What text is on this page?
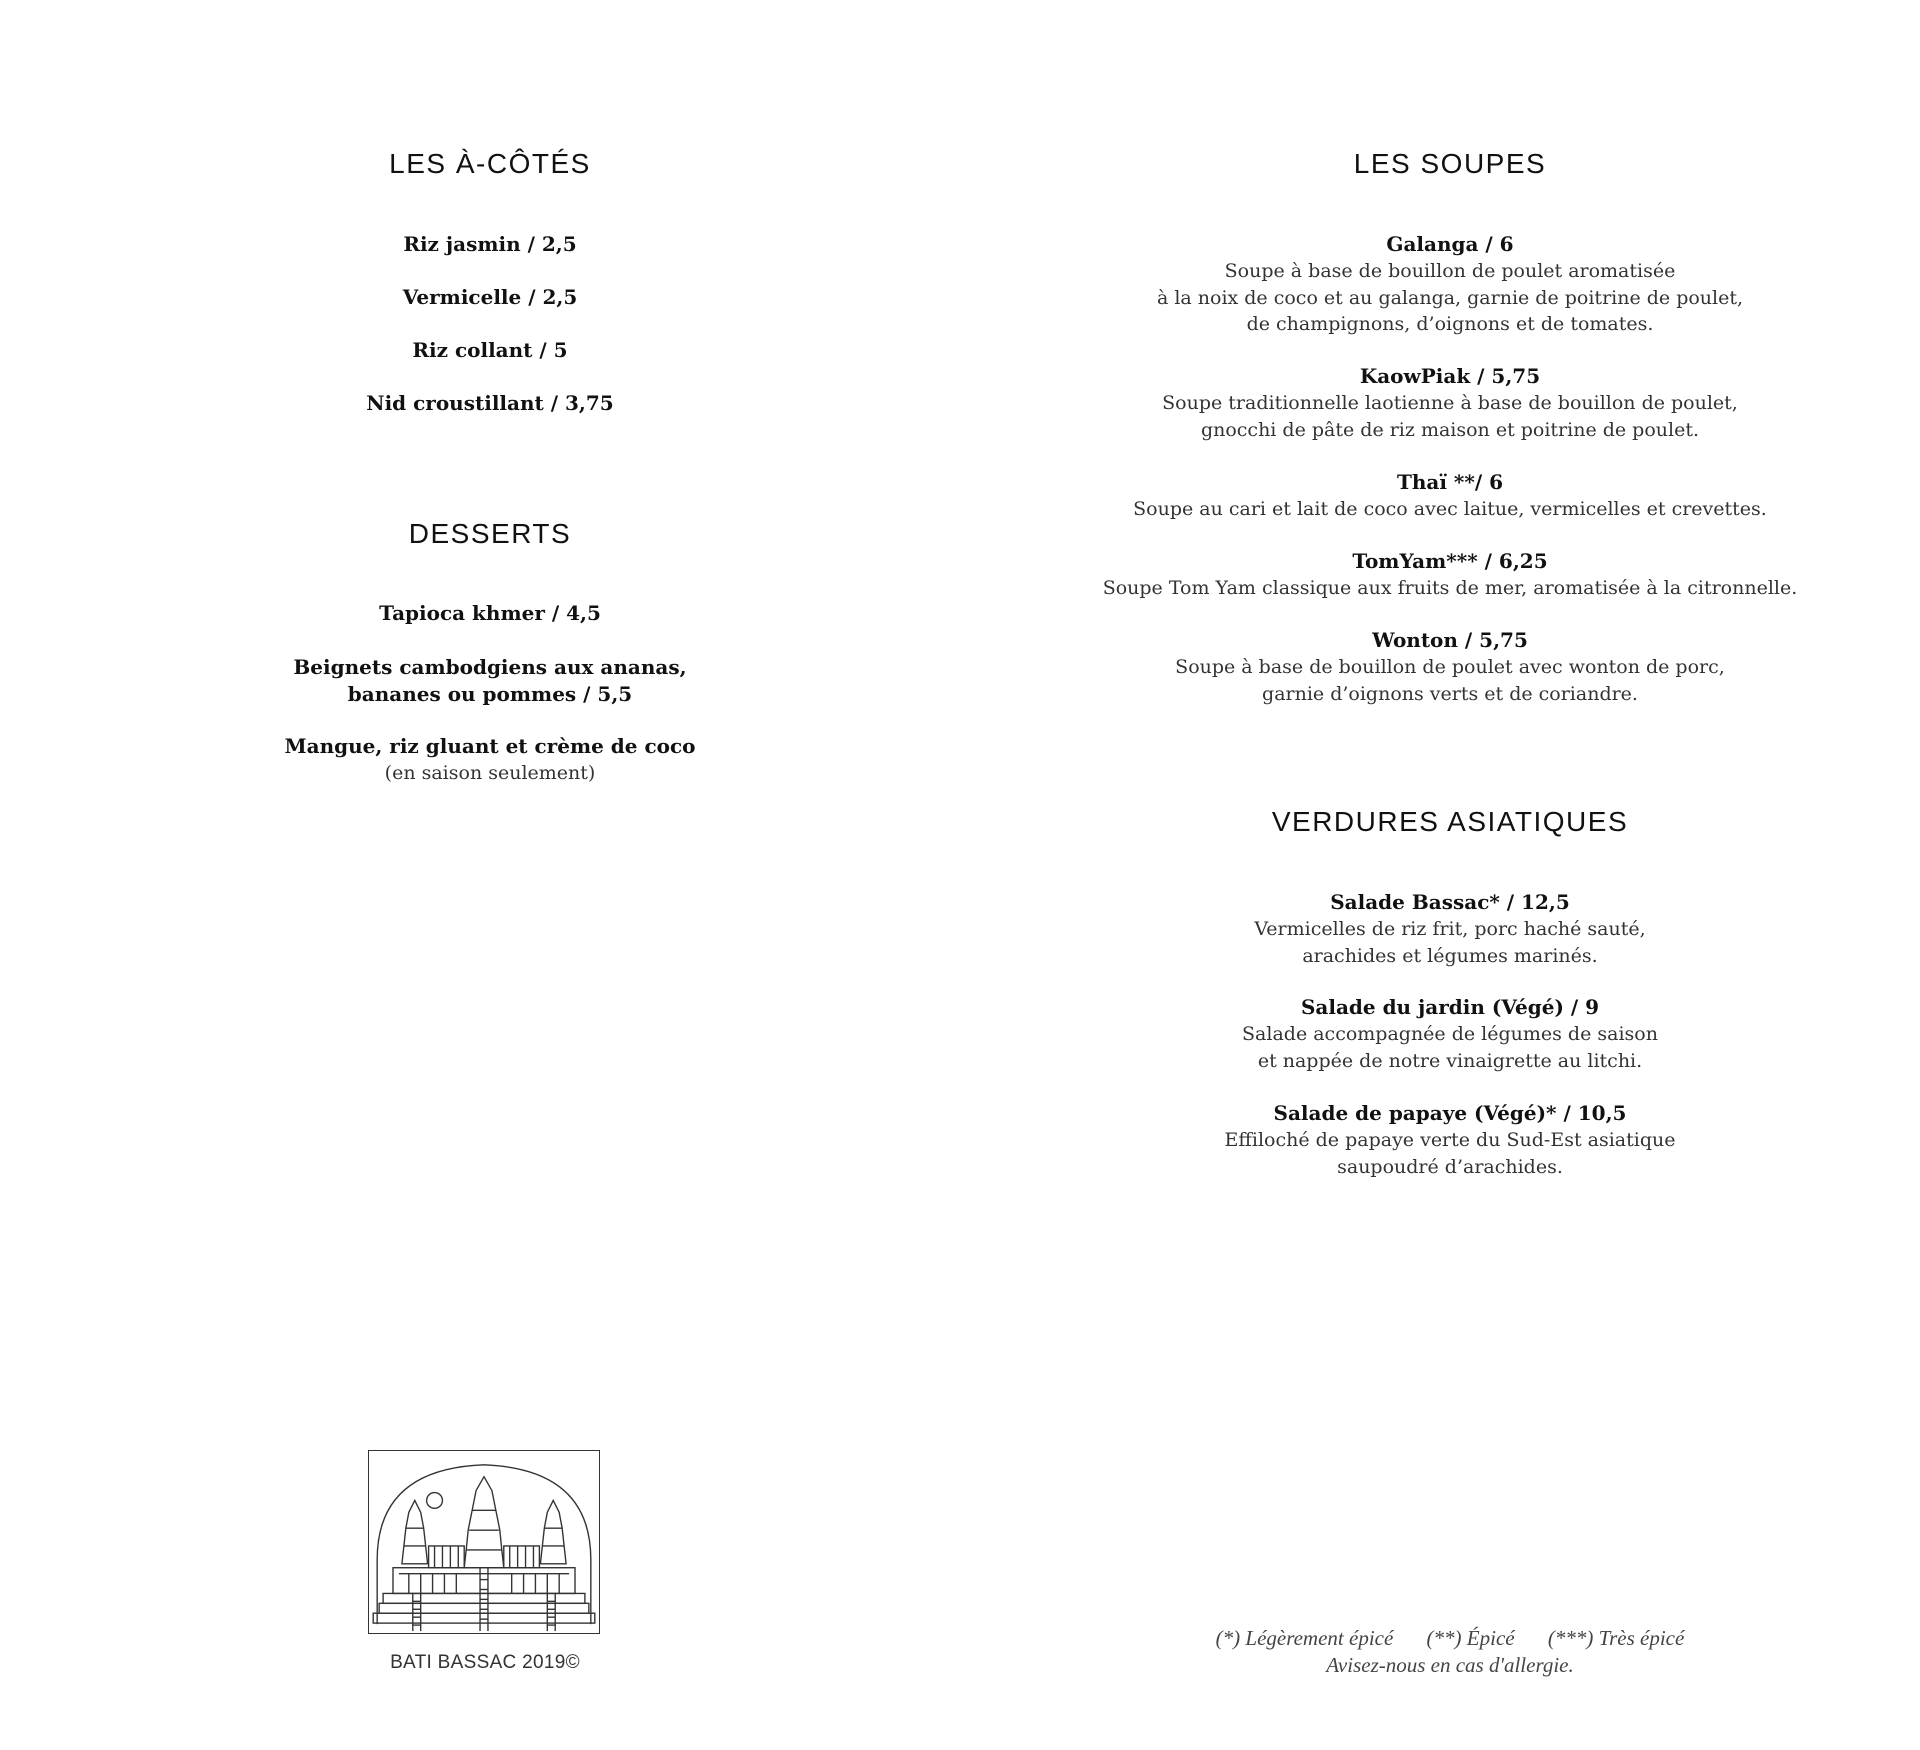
LES À-CÔTÉS

Riz jasmin / 2,5

Vermicelle / 2,5

Riz collant / 5

Nid croustillant / 3,75

DESSERTS

Tapioca khmer / 4,5

Beignets cambodgiens aux ananas,

bananes ou pommes / 5,5

Mangue, riz gluant et crème de coco

(en saison seulement)

BATI BASSAC 2019©
LES SOUPES

Galanga / 6

Soupe à base de bouillon de poulet aromatisée

à la noix de coco et au galanga, garnie de poitrine de poulet,

de champignons, d’oignons et de tomates.

KaowPiak / 5,75

Soupe traditionnelle laotienne à base de bouillon de poulet,

gnocchi de pâte de riz maison et poitrine de poulet.

Thaï **/ 6

Soupe au cari et lait de coco avec laitue, vermicelles et crevettes.

TomYam*** / 6,25

Soupe Tom Yam classique aux fruits de mer, aromatisée à la citronnelle.

Wonton / 5,75

Soupe à base de bouillon de poulet avec wonton de porc,

garnie d’oignons verts et de coriandre.

VERDURES ASIATIQUES

Salade Bassac* / 12,5

Vermicelles de riz frit, porc haché sauté,

arachides et légumes marinés.

Salade du jardin (Végé) / 9

Salade accompagnée de légumes de saison

et nappée de notre vinaigrette au litchi.

Salade de papaye (Végé)* / 10,5

Effiloché de papaye verte du Sud-Est asiatique

saupoudré d’arachides.

(*) Légèrement épicé (**) Épicé (***) Très épicé
Avisez-nous en cas d'allergie.
